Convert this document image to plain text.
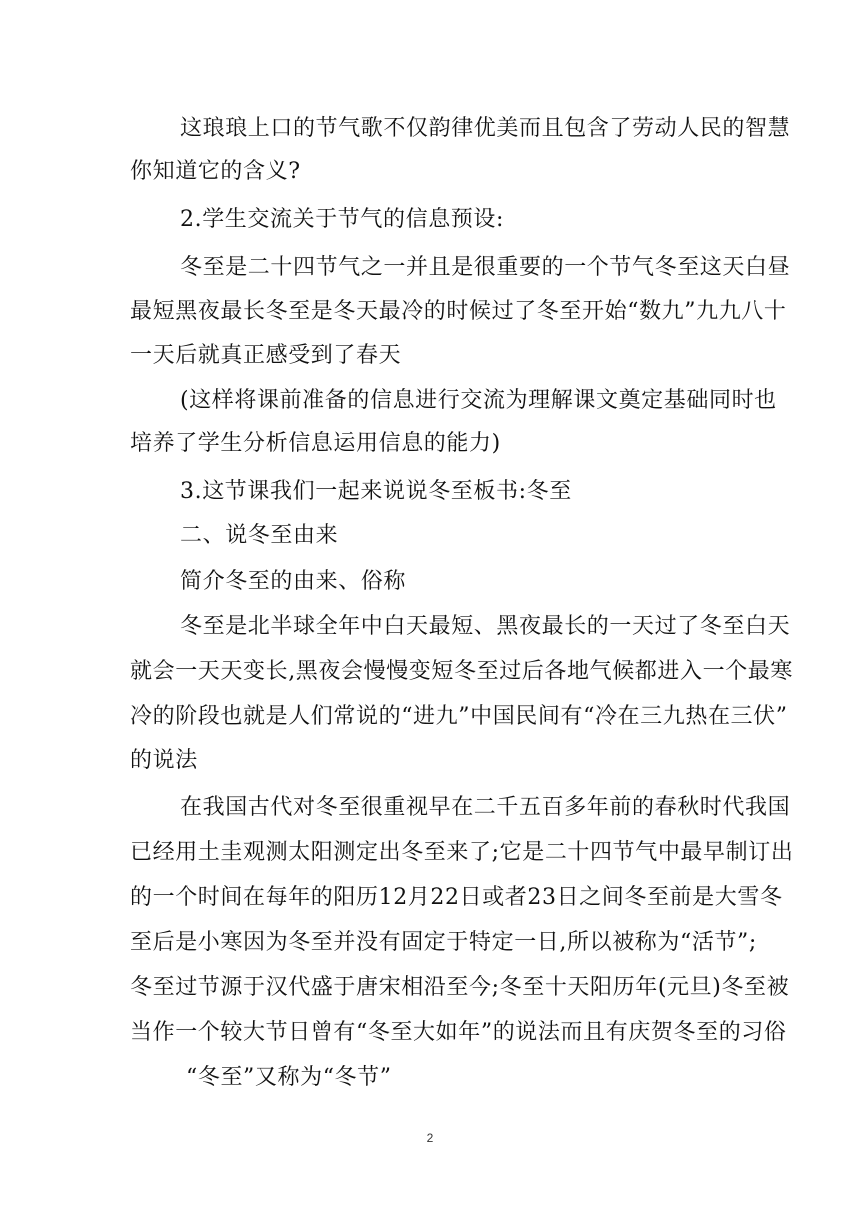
这琅琅上口的节气歌不仅韵律优美而且包含了劳动人民的智慧
你知道它的含义?
2.学生交流关于节气的信息预设:
冬至是二十四节气之一并且是很重要的一个节气冬至这天白昼
最短黑夜最长冬至是冬天最冷的时候过了冬至开始“数九”九九八十
一天后就真正感受到了春天
(这样将课前准备的信息进行交流为理解课文奠定基础同时也
培养了学生分析信息运用信息的能力)
3.这节课我们一起来说说冬至板书:冬至
二、说冬至由来
简介冬至的由来、俗称
冬至是北半球全年中白天最短、黑夜最长的一天过了冬至白天
就会一天天变长,黑夜会慢慢变短冬至过后各地气候都进入一个最寒
冷的阶段也就是人们常说的“进九”中国民间有“冷在三九热在三伏”
的说法
在我国古代对冬至很重视早在二千五百多年前的春秋时代我国
已经用土圭观测太阳测定出冬至来了;它是二十四节气中最早制订出
的一个时间在每年的阳历12月22日或者23日之间冬至前是大雪冬
至后是小寒因为冬至并没有固定于特定一日,所以被称为“活节”;
冬至过节源于汉代盛于唐宋相沿至今;冬至十天阳历年(元旦)冬至被
当作一个较大节日曾有“冬至大如年”的说法而且有庆贺冬至的习俗
“冬至”又称为“冬节”
2
